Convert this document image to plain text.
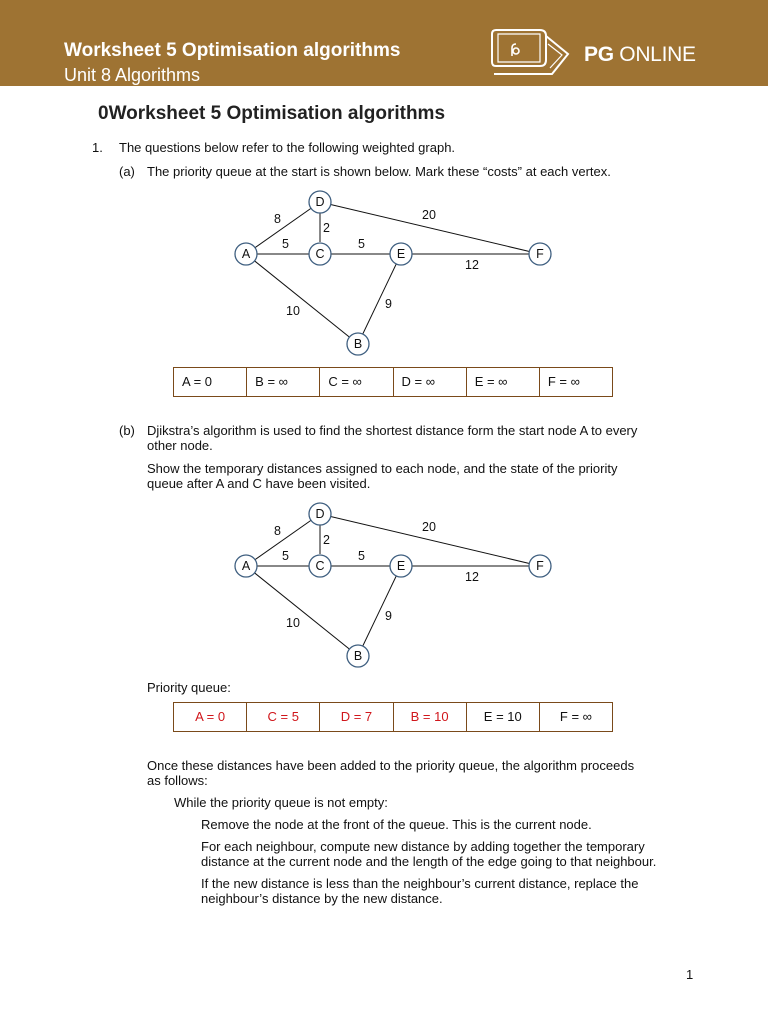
Worksheet 5 Optimisation algorithms
Unit 8 Algorithms
PG ONLINE
0Worksheet 5 Optimisation algorithms
1. The questions below refer to the following weighted graph.
(a) The priority queue at the start is shown below. Mark these “costs” at each vertex.
8
2
5	5
20
12
10	9
A
D
C	E	F
B
A = 0	B = ∞	C = ∞	D = ∞	E = ∞	F = ∞
(b) Djikstra’s algorithm is used to find the shortest distance form the start node A to every
other node.
Show the temporary distances assigned to each node, and the state of the priority
queue after A and C have been visited.
8
2
5	5
20
12
10	9
A
D
C	E	F
B
Priority queue:
A = 0	C = 5	D = 7	B = 10	E = 10	F = ∞
Once these distances have been added to the priority queue, the algorithm proceeds
as follows:
While the priority queue is not empty:
Remove the node at the front of the queue. This is the current node.
For each neighbour, compute new distance by adding together the temporary
distance at the current node and the length of the edge going to that neighbour.
If the new distance is less than the neighbour’s current distance, replace the
neighbour’s distance by the new distance.
1
